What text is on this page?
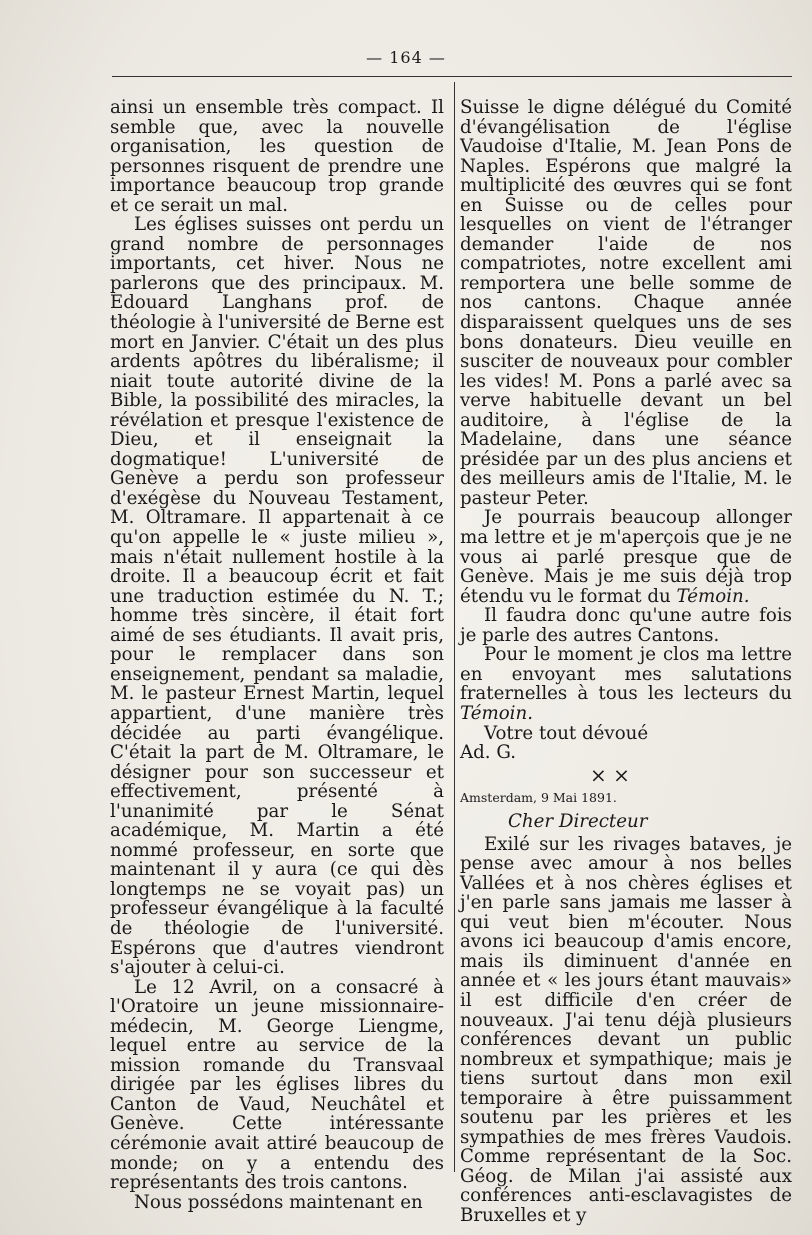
— 164 —

ainsi un ensemble très compact. Il semble que, avec la nouvelle organisation, les question de personnes risquent de prendre une importance beaucoup trop grande et ce serait un mal.

Les églises suisses ont perdu un grand nombre de personnages importants, cet hiver. Nous ne parlerons que des principaux. M. Edouard Langhans prof. de théologie à l'université de Berne est mort en Janvier. C'était un des plus ardents apôtres du libéralisme; il niait toute autorité divine de la Bible, la possibilité des miracles, la révélation et presque l'existence de Dieu, et il enseignait la dogmatique! L'université de Genève a perdu son professeur d'exégèse du Nouveau Testament, M. Oltramare. Il appartenait à ce qu'on appelle le « juste milieu », mais n'était nullement hostile à la droite. Il a beaucoup écrit et fait une traduction estimée du N. T.; homme très sincère, il était fort aimé de ses étudiants. Il avait pris, pour le remplacer dans son enseignement, pendant sa maladie, M. le pasteur Ernest Martin, lequel appartient, d'une manière très décidée au parti évangélique. C'était la part de M. Oltramare, le désigner pour son successeur et effectivement, présenté à l'unanimité par le Sénat académique, M. Martin a été nommé professeur, en sorte que maintenant il y aura (ce qui dès longtemps ne se voyait pas) un professeur évangélique à la faculté de théologie de l'université. Espérons que d'autres viendront s'ajouter à celui-ci.

Le 12 Avril, on a consacré à l'Oratoire un jeune missionnaire-médecin, M. George Liengme, lequel entre au service de la mission romande du Transvaal dirigée par les églises libres du Canton de Vaud, Neuchâtel et Genève. Cette intéressante cérémonie avait attiré beaucoup de monde; on y a entendu des représentants des trois cantons.

Nous possédons maintenant en

Suisse le digne délégué du Comité d'évangélisation de l'église Vaudoise d'Italie, M. Jean Pons de Naples. Espérons que malgré la multiplicité des œuvres qui se font en Suisse ou de celles pour lesquelles on vient de l'étranger demander l'aide de nos compatriotes, notre excellent ami remportera une belle somme de nos cantons. Chaque année disparaissent quelques uns de ses bons donateurs. Dieu veuille en susciter de nouveaux pour combler les vides! M. Pons a parlé avec sa verve habituelle devant un bel auditoire, à l'église de la Madelaine, dans une séance présidée par un des plus anciens et des meilleurs amis de l'Italie, M. le pasteur Peter.

Je pourrais beaucoup allonger ma lettre et je m'aperçois que je ne vous ai parlé presque que de Genève. Mais je me suis déjà trop étendu vu le format du Témoin.

Il faudra donc qu'une autre fois je parle des autres Cantons.

Pour le moment je clos ma lettre en envoyant mes salutations fraternelles à tous les lecteurs du Témoin.

Votre tout dévoué

Ad. G.

× ×

Amsterdam, 9 Mai 1891.

Cher Directeur

Exilé sur les rivages bataves, je pense avec amour à nos belles Vallées et à nos chères églises et j'en parle sans jamais me lasser à qui veut bien m'écouter. Nous avons ici beaucoup d'amis encore, mais ils diminuent d'année en année et « les jours étant mauvais» il est difficile d'en créer de nouveaux. J'ai tenu déjà plusieurs conférences devant un public nombreux et sympathique; mais je tiens surtout dans mon exil temporaire à être puissamment soutenu par les prières et les sympathies de mes frères Vaudois. Comme représentant de la Soc. Géog. de Milan j'ai assisté aux conférences anti-esclavagistes de Bruxelles et y
